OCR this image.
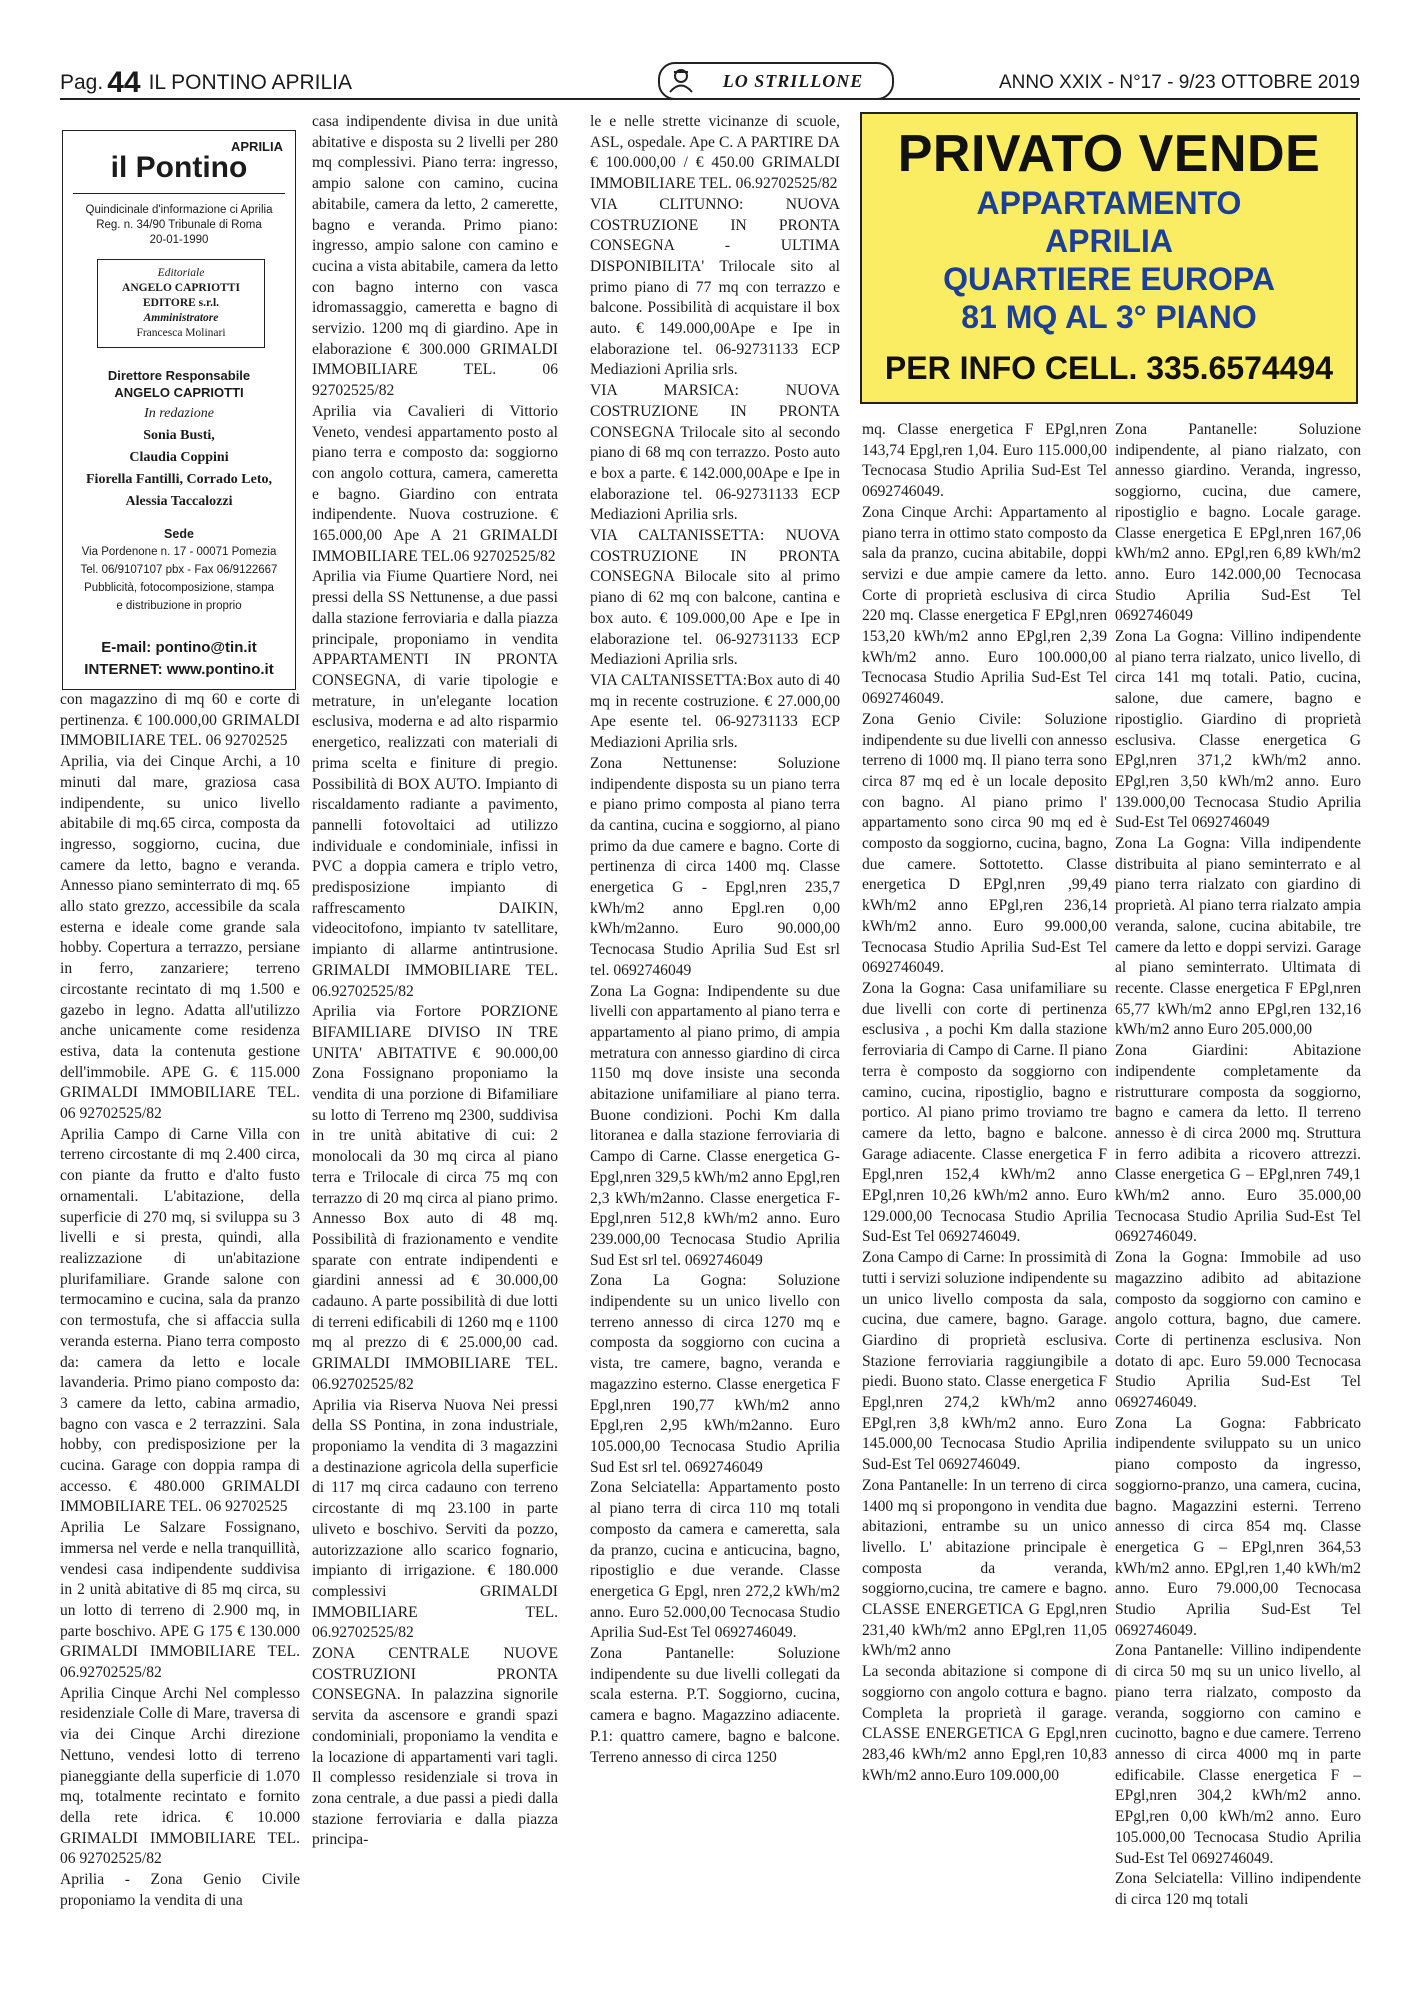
Pag. 44 IL PONTINO APRILIA	LO STRILLONE	ANNO XXIX - N°17 - 9/23 OTTOBRE 2019
APRILIA
il Pontino
Quindicinale d'informazione ci Aprilia
Reg. n. 34/90 Tribunale di Roma
20-01-1990
Editoriale
ANGELO CAPRIOTTI EDITORE s.r.l.
Amministratore
Francesca Molinari
Direttore Responsabile
ANGELO CAPRIOTTI
In redazione
Sonia Busti,
Claudia Coppini
Fiorella Fantilli, Corrado Leto,
Alessia Taccalozzi
Sede
Via Pordenone n. 17 - 00071 Pomezia
Tel. 06/9107107 pbx - Fax 06/9122667
Pubblicità, fotocomposizione, stampa
e distribuzione in proprio
E-mail: pontino@tin.it
INTERNET: www.pontino.it
PRIVATO VENDE
APPARTAMENTO
APRILIA
QUARTIERE EUROPA
81 MQ AL 3° PIANO
PER INFO CELL. 335.6574494

con magazzino di mq 60 e corte di pertinenza. € 100.000,00 GRIMALDI IMMOBILIARE TEL. 06 92702525

Aprilia, via dei Cinque Archi, a 10 minuti dal mare, graziosa casa indipendente, su unico livello abitabile di mq.65 circa, composta da ingresso, soggiorno, cucina, due camere da letto, bagno e veranda. Annesso piano seminterrato di mq. 65 allo stato grezzo, accessibile da scala esterna e ideale come grande sala hobby. Copertura a terrazzo, persiane in ferro, zanzariere; terreno circostante recintato di mq 1.500 e gazebo in legno. Adatta all'utilizzo anche unicamente come residenza estiva, data la contenuta gestione dell'immobile. APE G. € 115.000 GRIMALDI IMMOBILIARE TEL. 06 92702525/82

Aprilia Campo di Carne Villa con terreno circostante di mq 2.400 circa, con piante da frutto e d'alto fusto ornamentali. L'abitazione, della superficie di 270 mq, si sviluppa su 3 livelli e si presta, quindi, alla realizzazione di un'abitazione plurifamiliare. Grande salone con termocamino e cucina, sala da pranzo con termostufa, che si affaccia sulla veranda esterna. Piano terra composto da: camera da letto e locale lavanderia. Primo piano composto da: 3 camere da letto, cabina armadio, bagno con vasca e 2 terrazzini. Sala hobby, con predisposizione per la cucina. Garage con doppia rampa di accesso. € 480.000 GRIMALDI IMMOBILIARE TEL. 06 92702525

Aprilia Le Salzare Fossignano, immersa nel verde e nella tranquillità, vendesi casa indipendente suddivisa in 2 unità abitative di 85 mq circa, su un lotto di terreno di 2.900 mq, in parte boschivo. APE G 175 € 130.000 GRIMALDI IMMOBILIARE TEL. 06.92702525/82

Aprilia Cinque Archi Nel complesso residenziale Colle di Mare, traversa di via dei Cinque Archi direzione Nettuno, vendesi lotto di terreno pianeggiante della superficie di 1.070 mq, totalmente recintato e fornito della rete idrica. € 10.000 GRIMALDI IMMOBILIARE TEL. 06 92702525/82

Aprilia - Zona Genio Civile proponiamo la vendita di una

casa indipendente divisa in due unità abitative e disposta su 2 livelli per 280 mq complessivi. Piano terra: ingresso, ampio salone con camino, cucina abitabile, camera da letto, 2 camerette, bagno e veranda. Primo piano: ingresso, ampio salone con camino e cucina a vista abitabile, camera da letto con bagno interno con vasca idromassaggio, cameretta e bagno di servizio. 1200 mq di giardino. Ape in elaborazione € 300.000 GRIMALDI IMMOBILIARE TEL. 06 92702525/82

Aprilia via Cavalieri di Vittorio Veneto, vendesi appartamento posto al piano terra e composto da: soggiorno con angolo cottura, camera, cameretta e bagno. Giardino con entrata indipendente. Nuova costruzione. € 165.000,00 Ape A 21 GRIMALDI IMMOBILIARE TEL.06 92702525/82

Aprilia via Fiume Quartiere Nord, nei pressi della SS Nettunense, a due passi dalla stazione ferroviaria e dalla piazza principale, proponiamo in vendita APPARTAMENTI IN PRONTA CONSEGNA, di varie tipologie e metrature, in un'elegante location esclusiva, moderna e ad alto risparmio energetico, realizzati con materiali di prima scelta e finiture di pregio. Possibilità di BOX AUTO. Impianto di riscaldamento radiante a pavimento, pannelli fotovoltaici ad utilizzo individuale e condominiale, infissi in PVC a doppia camera e triplo vetro, predisposizione impianto di raffrescamento DAIKIN, videocitofono, impianto tv satellitare, impianto di allarme antintrusione. GRIMALDI IMMOBILIARE TEL. 06.92702525/82

Aprilia via Fortore PORZIONE BIFAMILIARE DIVISO IN TRE UNITA' ABITATIVE € 90.000,00 Zona Fossignano proponiamo la vendita di una porzione di Bifamiliare su lotto di Terreno mq 2300, suddivisa in tre unità abitative di cui: 2 monolocali da 30 mq circa al piano terra e Trilocale di circa 75 mq con terrazzo di 20 mq circa al piano primo. Annesso Box auto di 48 mq. Possibilità di frazionamento e vendite sparate con entrate indipendenti e giardini annessi ad € 30.000,00 cadauno. A parte possibilità di due lotti di terreni edificabili di 1260 mq e 1100 mq al prezzo di € 25.000,00 cad. GRIMALDI IMMOBILIARE TEL. 06.92702525/82

Aprilia via Riserva Nuova Nei pressi della SS Pontina, in zona industriale, proponiamo la vendita di 3 magazzini a destinazione agricola della superficie di 117 mq circa cadauno con terreno circostante di mq 23.100 in parte uliveto e boschivo. Serviti da pozzo, autorizzazione allo scarico fognario, impianto di irrigazione. € 180.000 complessivi GRIMALDI IMMOBILIARE TEL. 06.92702525/82

ZONA CENTRALE NUOVE COSTRUZIONI PRONTA CONSEGNA. In palazzina signorile servita da ascensore e grandi spazi condominiali, proponiamo la vendita e la locazione di appartamenti vari tagli. Il complesso residenziale si trova in zona centrale, a due passi a piedi dalla stazione ferroviaria e dalla piazza principa-

le e nelle strette vicinanze di scuole, ASL, ospedale. Ape C. A PARTIRE DA € 100.000,00 / € 450.00 GRIMALDI IMMOBILIARE TEL. 06.92702525/82

VIA CLITUNNO: NUOVA COSTRUZIONE IN PRONTA CONSEGNA - ULTIMA DISPONIBILITA' Trilocale sito al primo piano di 77 mq con terrazzo e balcone. Possibilità di acquistare il box auto. € 149.000,00Ape e Ipe in elaborazione tel. 06-92731133 ECP Mediazioni Aprilia srls.

VIA MARSICA: NUOVA COSTRUZIONE IN PRONTA CONSEGNA Trilocale sito al secondo piano di 68 mq con terrazzo. Posto auto e box a parte. € 142.000,00Ape e Ipe in elaborazione tel. 06-92731133 ECP Mediazioni Aprilia srls.

VIA CALTANISSETTA: NUOVA COSTRUZIONE IN PRONTA CONSEGNA Bilocale sito al primo piano di 62 mq con balcone, cantina e box auto. € 109.000,00 Ape e Ipe in elaborazione tel. 06-92731133 ECP Mediazioni Aprilia srls.

VIA CALTANISSETTA:Box auto di 40 mq in recente costruzione. € 27.000,00 Ape esente tel. 06-92731133 ECP Mediazioni Aprilia srls.

Zona Nettunense: Soluzione indipendente disposta su un piano terra e piano primo composta al piano terra da cantina, cucina e soggiorno, al piano primo da due camere e bagno. Corte di pertinenza di circa 1400 mq. Classe energetica G - Epgl,nren 235,7 kWh/m2 anno Epgl.ren 0,00 kWh/m2anno. Euro 90.000,00 Tecnocasa Studio Aprilia Sud Est srl tel. 0692746049

Zona La Gogna: Indipendente su due livelli con appartamento al piano terra e appartamento al piano primo, di ampia metratura con annesso giardino di circa 1150 mq dove insiste una seconda abitazione unifamiliare al piano terra. Buone condizioni. Pochi Km dalla litoranea e dalla stazione ferroviaria di Campo di Carne. Classe energetica G- Epgl,nren 329,5 kWh/m2 anno Epgl,ren 2,3 kWh/m2anno. Classe energetica F- Epgl,nren 512,8 kWh/m2 anno. Euro 239.000,00 Tecnocasa Studio Aprilia Sud Est srl tel. 0692746049

Zona La Gogna: Soluzione indipendente su un unico livello con terreno annesso di circa 1270 mq e composta da soggiorno con cucina a vista, tre camere, bagno, veranda e magazzino esterno. Classe energetica F Epgl,nren 190,77 kWh/m2 anno Epgl,ren 2,95 kWh/m2anno. Euro 105.000,00 Tecnocasa Studio Aprilia Sud Est srl tel. 0692746049

Zona Selciatella: Appartamento posto al piano terra di circa 110 mq totali composto da camera e cameretta, sala da pranzo, cucina e anticucina, bagno, ripostiglio e due verande. Classe energetica G Epgl, nren 272,2 kWh/m2 anno. Euro 52.000,00 Tecnocasa Studio Aprilia Sud-Est Tel 0692746049.

Zona Pantanelle: Soluzione indipendente su due livelli collegati da scala esterna. P.T. Soggiorno, cucina, camera e bagno. Magazzino adiacente. P.1: quattro camere, bagno e balcone. Terreno annesso di circa 1250

mq. Classe energetica F EPgl,nren 143,74 Epgl,ren 1,04. Euro 115.000,00 Tecnocasa Studio Aprilia Sud-Est Tel 0692746049.

Zona Cinque Archi: Appartamento al piano terra in ottimo stato composto da sala da pranzo, cucina abitabile, doppi servizi e due ampie camere da letto. Corte di proprietà esclusiva di circa 220 mq. Classe energetica F EPgl,nren 153,20 kWh/m2 anno EPgl,ren 2,39 kWh/m2 anno. Euro 100.000,00 Tecnocasa Studio Aprilia Sud-Est Tel 0692746049.

Zona Genio Civile: Soluzione indipendente su due livelli con annesso terreno di 1000 mq. Il piano terra sono circa 87 mq ed è un locale deposito con bagno. Al piano primo l' appartamento sono circa 90 mq ed è composto da soggiorno, cucina, bagno, due camere. Sottotetto. Classe energetica D EPgl,nren ,99,49 kWh/m2 anno EPgl,ren 236,14 kWh/m2 anno. Euro 99.000,00 Tecnocasa Studio Aprilia Sud-Est Tel 0692746049.

Zona la Gogna: Casa unifamiliare su due livelli con corte di pertinenza esclusiva , a pochi Km dalla stazione ferroviaria di Campo di Carne. Il piano terra è composto da soggiorno con camino, cucina, ripostiglio, bagno e portico. Al piano primo troviamo tre camere da letto, bagno e balcone. Garage adiacente. Classe energetica F Epgl,nren 152,4 kWh/m2 anno EPgl,nren 10,26 kWh/m2 anno. Euro 129.000,00 Tecnocasa Studio Aprilia Sud-Est Tel 0692746049.

Zona Campo di Carne: In prossimità di tutti i servizi soluzione indipendente su un unico livello composta da sala, cucina, due camere, bagno. Garage. Giardino di proprietà esclusiva. Stazione ferroviaria raggiungibile a piedi. Buono stato. Classe energetica F Epgl,nren 274,2 kWh/m2 anno EPgl,ren 3,8 kWh/m2 anno. Euro 145.000,00 Tecnocasa Studio Aprilia Sud-Est Tel 0692746049.

Zona Pantanelle: In un terreno di circa 1400 mq si propongono in vendita due abitazioni, entrambe su un unico livello. L' abitazione principale è composta da veranda, soggiorno,cucina, tre camere e bagno. CLASSE ENERGETICA G Epgl,nren 231,40 kWh/m2 anno EPgl,ren 11,05 kWh/m2 anno

La seconda abitazione si compone di soggiorno con angolo cottura e bagno. Completa la proprietà il garage. CLASSE ENERGETICA G Epgl,nren 283,46 kWh/m2 anno Epgl,ren 10,83 kWh/m2 anno.Euro 109.000,00

Zona Pantanelle: Soluzione indipendente, al piano rialzato, con annesso giardino. Veranda, ingresso, soggiorno, cucina, due camere, ripostiglio e bagno. Locale garage. Classe energetica E EPgl,nren 167,06 kWh/m2 anno. EPgl,ren 6,89 kWh/m2 anno. Euro 142.000,00 Tecnocasa Studio Aprilia Sud-Est Tel 0692746049

Zona La Gogna: Villino indipendente al piano terra rialzato, unico livello, di circa 141 mq totali. Patio, cucina, salone, due camere, bagno e ripostiglio. Giardino di proprietà esclusiva. Classe energetica G EPgl,nren 371,2 kWh/m2 anno. EPgl,ren 3,50 kWh/m2 anno. Euro 139.000,00 Tecnocasa Studio Aprilia Sud-Est Tel 0692746049

Zona La Gogna: Villa indipendente distribuita al piano seminterrato e al piano terra rialzato con giardino di proprietà. Al piano terra rialzato ampia veranda, salone, cucina abitabile, tre camere da letto e doppi servizi. Garage al piano seminterrato. Ultimata di recente. Classe energetica F EPgl,nren 65,77 kWh/m2 anno EPgl,ren 132,16 kWh/m2 anno Euro 205.000,00

Zona Giardini: Abitazione indipendente completamente da ristrutturare composta da soggiorno, bagno e camera da letto. Il terreno annesso è di circa 2000 mq. Struttura in ferro adibita a ricovero attrezzi. Classe energetica G – EPgl,nren 749,1 kWh/m2 anno. Euro 35.000,00 Tecnocasa Studio Aprilia Sud-Est Tel 0692746049.

Zona la Gogna: Immobile ad uso magazzino adibito ad abitazione composto da soggiorno con camino e angolo cottura, bagno, due camere. Corte di pertinenza esclusiva. Non dotato di apc. Euro 59.000 Tecnocasa Studio Aprilia Sud-Est Tel 0692746049.

Zona La Gogna: Fabbricato indipendente sviluppato su un unico piano composto da ingresso, soggiorno-pranzo, una camera, cucina, bagno. Magazzini esterni. Terreno annesso di circa 854 mq. Classe energetica G – EPgl,nren 364,53 kWh/m2 anno. EPgl,ren 1,40 kWh/m2 anno. Euro 79.000,00 Tecnocasa Studio Aprilia Sud-Est Tel 0692746049.

Zona Pantanelle: Villino indipendente di circa 50 mq su un unico livello, al piano terra rialzato, composto da veranda, soggiorno con camino e cucinotto, bagno e due camere. Terreno annesso di circa 4000 mq in parte edificabile. Classe energetica F – EPgl,nren 304,2 kWh/m2 anno. EPgl,ren 0,00 kWh/m2 anno. Euro 105.000,00 Tecnocasa Studio Aprilia Sud-Est Tel 0692746049.

Zona Selciatella: Villino indipendente di circa 120 mq totali
